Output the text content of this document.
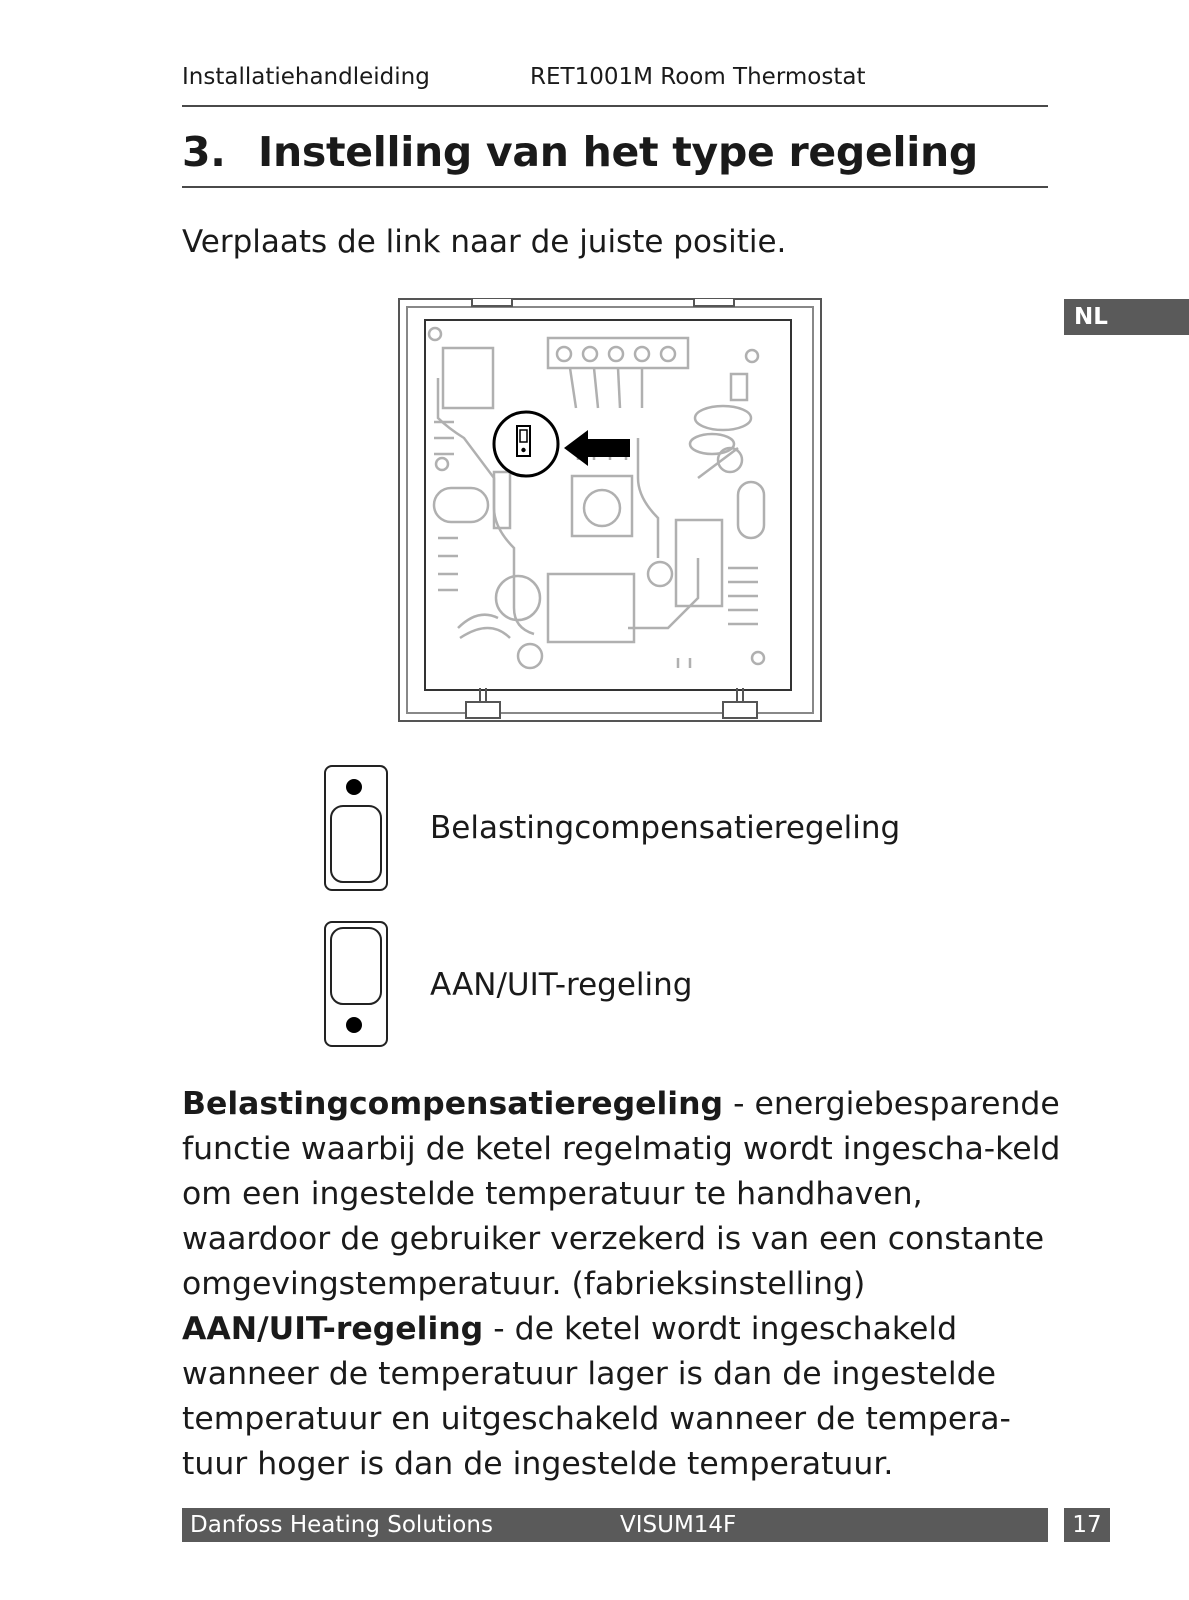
Installatiehandleiding	RET1001M Room Thermostat
3. Instelling van het type regeling
Verplaats de link naar de juiste positie.
NL
Belastingcompensatieregeling
AAN/UIT-regeling

Belastingcompensatieregeling - energiebesparende functie waarbij de ketel regelmatig wordt ingescha-keld om een ingestelde temperatuur te handhaven, waardoor de gebruiker verzekerd is van een constante omgevingstemperatuur. (fabrieksinstelling)

AAN/UIT-regeling - de ketel wordt ingeschakeld wanneer de temperatuur lager is dan de ingestelde temperatuur en uitgeschakeld wanneer de tempera-tuur hoger is dan de ingestelde temperatuur.

Danfoss Heating Solutions	VISUM14F	17
